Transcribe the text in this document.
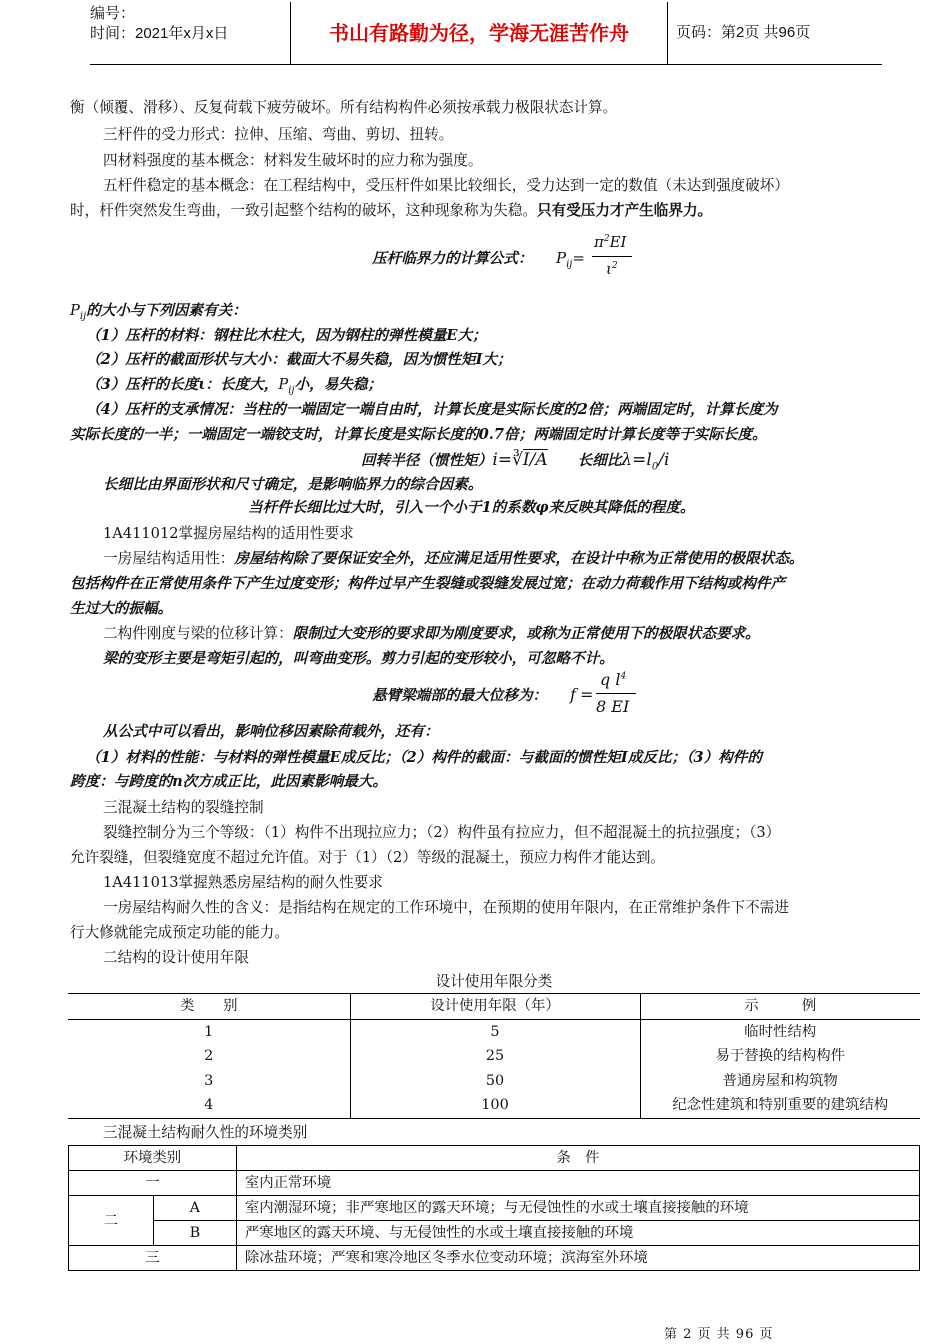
编号：
时间：2021年x月x日	书山有路勤为径，学海无涯苦作舟	页码：第2页 共96页
衡（倾覆、滑移）、反复荷载下疲劳破坏。所有结构构件必须按承载力极限状态计算。
三杆件的受力形式：拉伸、压缩、弯曲、剪切、扭转。
四材料强度的基本概念：材料发生破坏时的应力称为强度。
五杆件稳定的基本概念：在工程结构中，受压杆件如果比较细长，受力达到一定的数值（未达到强度破坏）
时，杆件突然发生弯曲，一致引起整个结构的破坏，这种现象称为失稳。只有受压力才产生临界力。
压杆临界力的计算公式： $P_{ij}=$
$\pi^2EI$
$\iota^2$
$P_{ij}$的大小与下列因素有关：
（1）压杆的材料：钢柱比木柱大，因为钢柱的弹性模量E大；
（2）压杆的截面形状与大小：截面大不易失稳，因为惯性矩I大；
（3）压杆的长度ι：长度大，$P_{ij}$小，易失稳；
（4）压杆的支承情况：当柱的一端固定一端自由时，计算长度是实际长度的2倍；两端固定时，计算长度为
实际长度的一半；一端固定一端铰支时，计算长度是实际长度的0.7倍；两端固定时计算长度等于实际长度。
回转半径（惯性矩）i=∛I/A 长细比$\lambda=l_0/i$
长细比由界面形状和尺寸确定，是影响临界力的综合因素。
当杆件长细比过大时，引入一个小于1的系数φ来反映其降低的程度。
1A411012掌握房屋结构的适用性要求
一房屋结构适用性：房屋结构除了要保证安全外，还应满足适用性要求，在设计中称为正常使用的极限状态。
包括构件在正常使用条件下产生过度变形；构件过早产生裂缝或裂缝发展过宽；在动力荷载作用下结构或构件产
生过大的振幅。
二构件刚度与梁的位移计算：限制过大变形的要求即为刚度要求，或称为正常使用下的极限状态要求。
梁的变形主要是弯矩引起的，叫弯曲变形。剪力引起的变形较小，可忽略不计。
悬臂梁端部的最大位移为： f =
q $l^4$
8 EI
从公式中可以看出，影响位移因素除荷载外，还有：
（1）材料的性能：与材料的弹性模量E成反比；（2）构件的截面：与截面的惯性矩I成反比；（3）构件的
跨度：与跨度的n次方成正比，此因素影响最大。
三混凝土结构的裂缝控制
裂缝控制分为三个等级：（1）构件不出现拉应力；（2）构件虽有拉应力，但不超混凝土的抗拉强度；（3）
允许裂缝，但裂缝宽度不超过允许值。对于（1）（2）等级的混凝土，预应力构件才能达到。
1A411013掌握熟悉房屋结构的耐久性要求
一房屋结构耐久性的含义：是指结构在规定的工作环境中，在预期的使用年限内，在正常维护条件下不需进
行大修就能完成预定功能的能力。
二结构的设计使用年限
设计使用年限分类
类　　别	设计使用年限（年）	示　　　例
1	5	临时性结构
2	25	易于替换的结构构件
3	50	普通房屋和构筑物
4	100	纪念性建筑和特别重要的建筑结构
三混凝土结构耐久性的环境类别
环境类别		条　件
一		室内正常环境
二	A	室内潮湿环境；非严寒地区的露天环境；与无侵蚀性的水或土壤直接接触的环境
	B	严寒地区的露天环境、与无侵蚀性的水或土壤直接接触的环境
三		除冰盐环境；严寒和寒冷地区冬季水位变动环境；滨海室外环境
第 2 页 共 96 页
